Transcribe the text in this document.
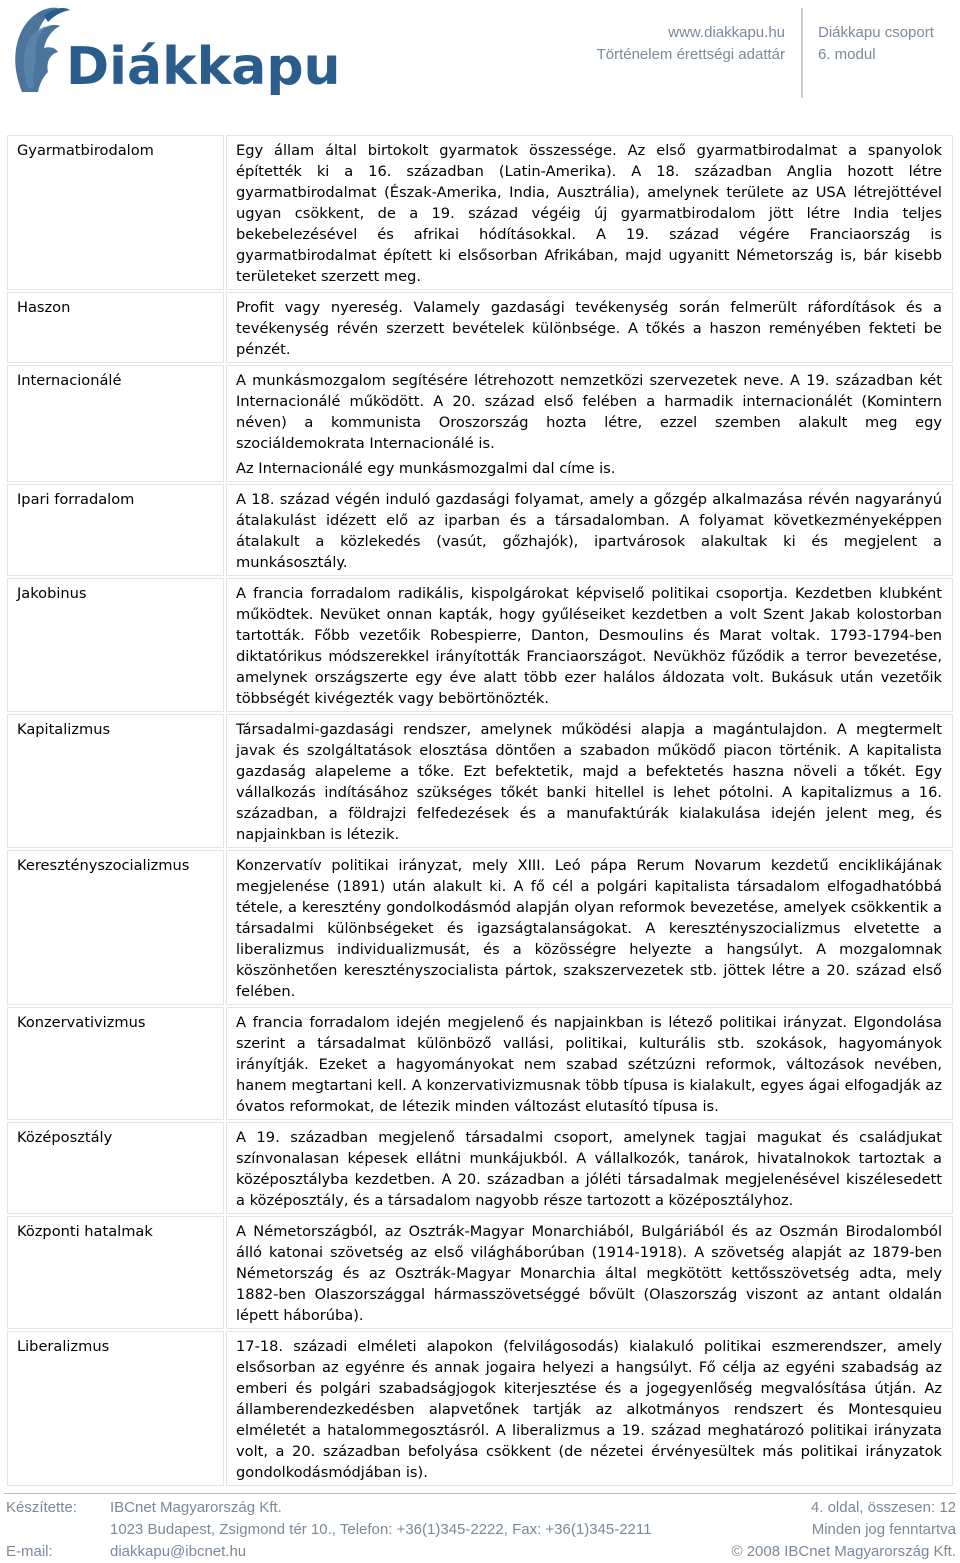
Diákkapu
www.diakkapu.hu
Történelem érettségi adattár
Diákkapu csoport
6. modul
Gyarmatbirodalom	Egy állam által birtokolt gyarmatok összessége. Az első gyarmatbirodalmat a spanyolok építették ki a 16. században (Latin-Amerika). A 18. században Anglia hozott létre gyarmatbirodalmat (Észak-Amerika, India, Ausztrália), amelynek területe az USA létrejöttével ugyan csökkent, de a 19. század végéig új gyarmatbirodalom jött létre India teljes bekebelezésével és afrikai hódításokkal. A 19. század végére Franciaország is gyarmatbirodalmat épített ki elsősorban Afrikában, majd ugyanitt Németország is, bár kisebb területeket szerzett meg.

Haszon	Profit vagy nyereség. Valamely gazdasági tevékenység során felmerült ráfordítások és a tevékenység révén szerzett bevételek különbsége. A tőkés a haszon reményében fekteti be pénzét.

Internacionálé	A munkásmozgalom segítésére létrehozott nemzetközi szervezetek neve. A 19. században két Internacionálé működött. A 20. század első felében a harmadik internacionálét (Komintern néven) a kommunista Oroszország hozta létre, ezzel szemben alakult meg egy szociáldemokrata Internacionálé is.

Az Internacionálé egy munkásmozgalmi dal címe is.

Ipari forradalom	A 18. század végén induló gazdasági folyamat, amely a gőzgép alkalmazása révén nagyarányú átalakulást idézett elő az iparban és a társadalomban. A folyamat következményeképpen átalakult a közlekedés (vasút, gőzhajók), ipartvárosok alakultak ki és megjelent a munkásosztály.

Jakobinus	A francia forradalom radikális, kispolgárokat képviselő politikai csoportja. Kezdetben klubként működtek. Nevüket onnan kapták, hogy gyűléseiket kezdetben a volt Szent Jakab kolostorban tartották. Főbb vezetőik Robespierre, Danton, Desmoulins és Marat voltak. 1793-1794-ben diktatórikus módszerekkel irányították Franciaországot. Nevükhöz fűződik a terror bevezetése, amelynek országszerte egy éve alatt több ezer halálos áldozata volt. Bukásuk után vezetőik többségét kivégezték vagy bebörtönözték.

Kapitalizmus	Társadalmi-gazdasági rendszer, amelynek működési alapja a magántulajdon. A megtermelt javak és szolgáltatások elosztása döntően a szabadon működő piacon történik. A kapitalista gazdaság alapeleme a tőke. Ezt befektetik, majd a befektetés haszna növeli a tőkét. Egy vállalkozás indításához szükséges tőkét banki hitellel is lehet pótolni. A kapitalizmus a 16. században, a földrajzi felfedezések és a manufaktúrák kialakulása idején jelent meg, és napjainkban is létezik.

Keresztényszocializmus	Konzervatív politikai irányzat, mely XIII. Leó pápa Rerum Novarum kezdetű enciklikájának megjelenése (1891) után alakult ki. A fő cél a polgári kapitalista társadalom elfogadhatóbbá tétele, a keresztény gondolkodásmód alapján olyan reformok bevezetése, amelyek csökkentik a társadalmi különbségeket és igazságtalanságokat. A keresztényszocializmus elvetette a liberalizmus individualizmusát, és a közösségre helyezte a hangsúlyt. A mozgalomnak köszönhetően keresztényszocialista pártok, szakszervezetek stb. jöttek létre a 20. század első felében.

Konzervativizmus	A francia forradalom idején megjelenő és napjainkban is létező politikai irányzat. Elgondolása szerint a társadalmat különböző vallási, politikai, kulturális stb. szokások, hagyományok irányítják. Ezeket a hagyományokat nem szabad szétzúzni reformok, változások nevében, hanem megtartani kell. A konzervativizmusnak több típusa is kialakult, egyes ágai elfogadják az óvatos reformokat, de létezik minden változást elutasító típusa is.

Középosztály	A 19. században megjelenő társadalmi csoport, amelynek tagjai magukat és családjukat színvonalasan képesek ellátni munkájukból. A vállalkozók, tanárok, hivatalnokok tartoztak a középosztályba kezdetben. A 20. században a jóléti társadalmak megjelenésével kiszélesedett a középosztály, és a társadalom nagyobb része tartozott a középosztályhoz.

Központi hatalmak	A Németországból, az Osztrák-Magyar Monarchiából, Bulgáriából és az Oszmán Birodalomból álló katonai szövetség az első világháborúban (1914-1918). A szövetség alapját az 1879-ben Németország és az Osztrák-Magyar Monarchia által megkötött kettősszövetség adta, mely 1882-ben Olaszországgal hármasszövetséggé bővült (Olaszország viszont az antant oldalán lépett háborúba).

Liberalizmus	17-18. századi elméleti alapokon (felvilágosodás) kialakuló politikai eszmerendszer, amely elsősorban az egyénre és annak jogaira helyezi a hangsúlyt. Fő célja az egyéni szabadság az emberi és polgári szabadságjogok kiterjesztése és a jogegyenlőség megvalósítása útján. Az államberendezkedésben alapvetőnek tartják az alkotmányos rendszert és Montesquieu elméletét a hatalommegosztásról. A liberalizmus a 19. század meghatározó politikai irányzata volt, a 20. században befolyása csökkent (de nézetei érvényesültek más politikai irányzatok gondolkodásmódjában is).

Készítette:
E-mail:
IBCnet Magyarország Kft.
1023 Budapest, Zsigmond tér 10., Telefon: +36(1)345-2222, Fax: +36(1)345-2211
diakkapu@ibcnet.hu
4. oldal, összesen: 12
Minden jog fenntartva
© 2008 IBCnet Magyarország Kft.
